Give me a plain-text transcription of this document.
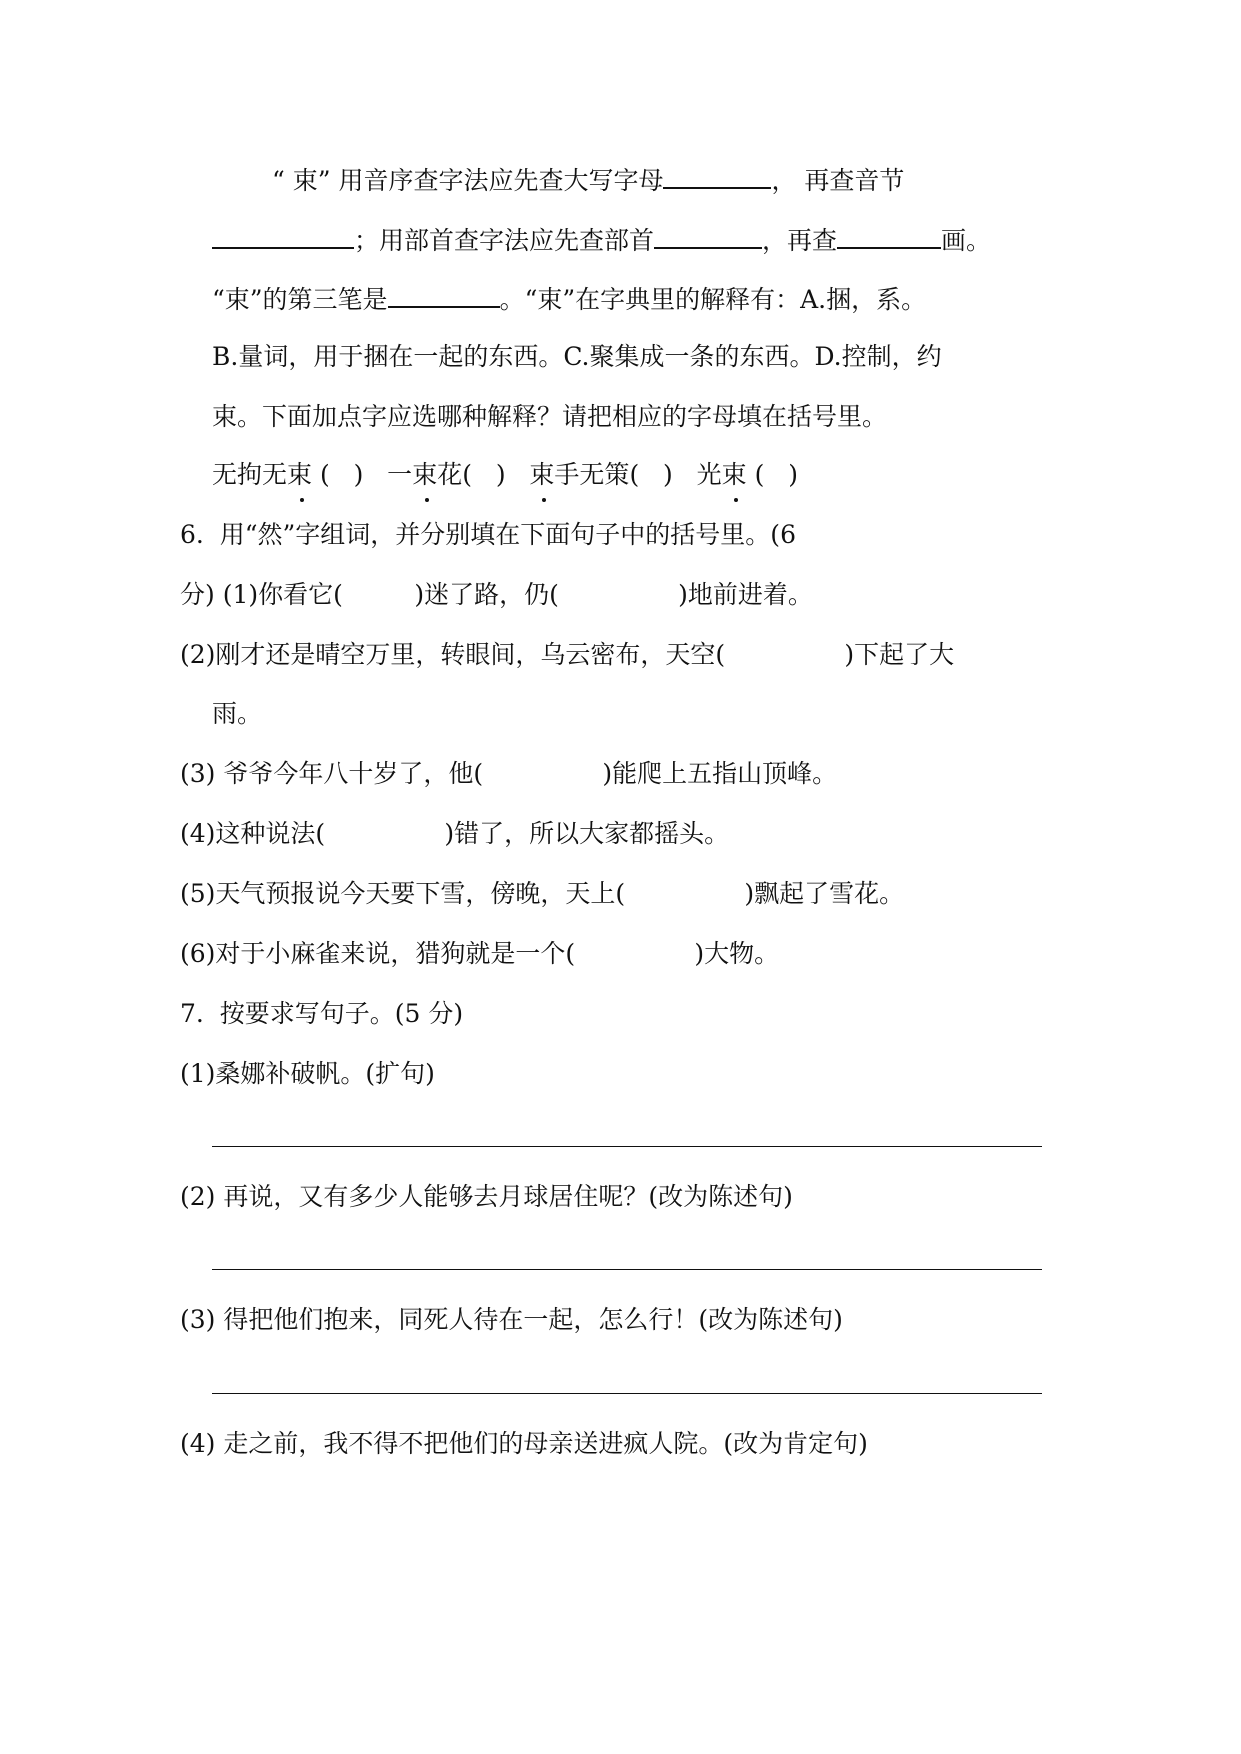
“ 束” 用音序查字法应先查大写字母	， 再查音节
；用部首查字法应先查部首	，再查	画。
“束”的第三笔是	。“束”在字典里的解释有：A.捆，系。
B.量词，用于捆在一起的东西。C.聚集成一条的东西。D.控制，约
束。下面加点字应选哪种解释？请把相应的字母填在括号里。
无拘无束 (   )   一束花(   )   束手无策(   )   光束 (   )
6.  用“然”字组词，并分别填在下面句子中的括号里。(6
分) (1)你看它(         )迷了路，仍(               )地前进着。
(2)刚才还是晴空万里，转眼间，乌云密布，天空(               )下起了大
雨。
(3) 爷爷今年八十岁了，他(               )能爬上五指山顶峰。
(4)这种说法(               )错了，所以大家都摇头。
(5)天气预报说今天要下雪，傍晚，天上(               )飘起了雪花。
(6)对于小麻雀来说，猎狗就是一个(               )大物。
7.  按要求写句子。(5 分)
(1)桑娜补破帆。(扩句)
(2) 再说，又有多少人能够去月球居住呢？(改为陈述句)
(3) 得把他们抱来，同死人待在一起，怎么行！(改为陈述句)
(4) 走之前，我不得不把他们的母亲送进疯人院。(改为肯定句)
